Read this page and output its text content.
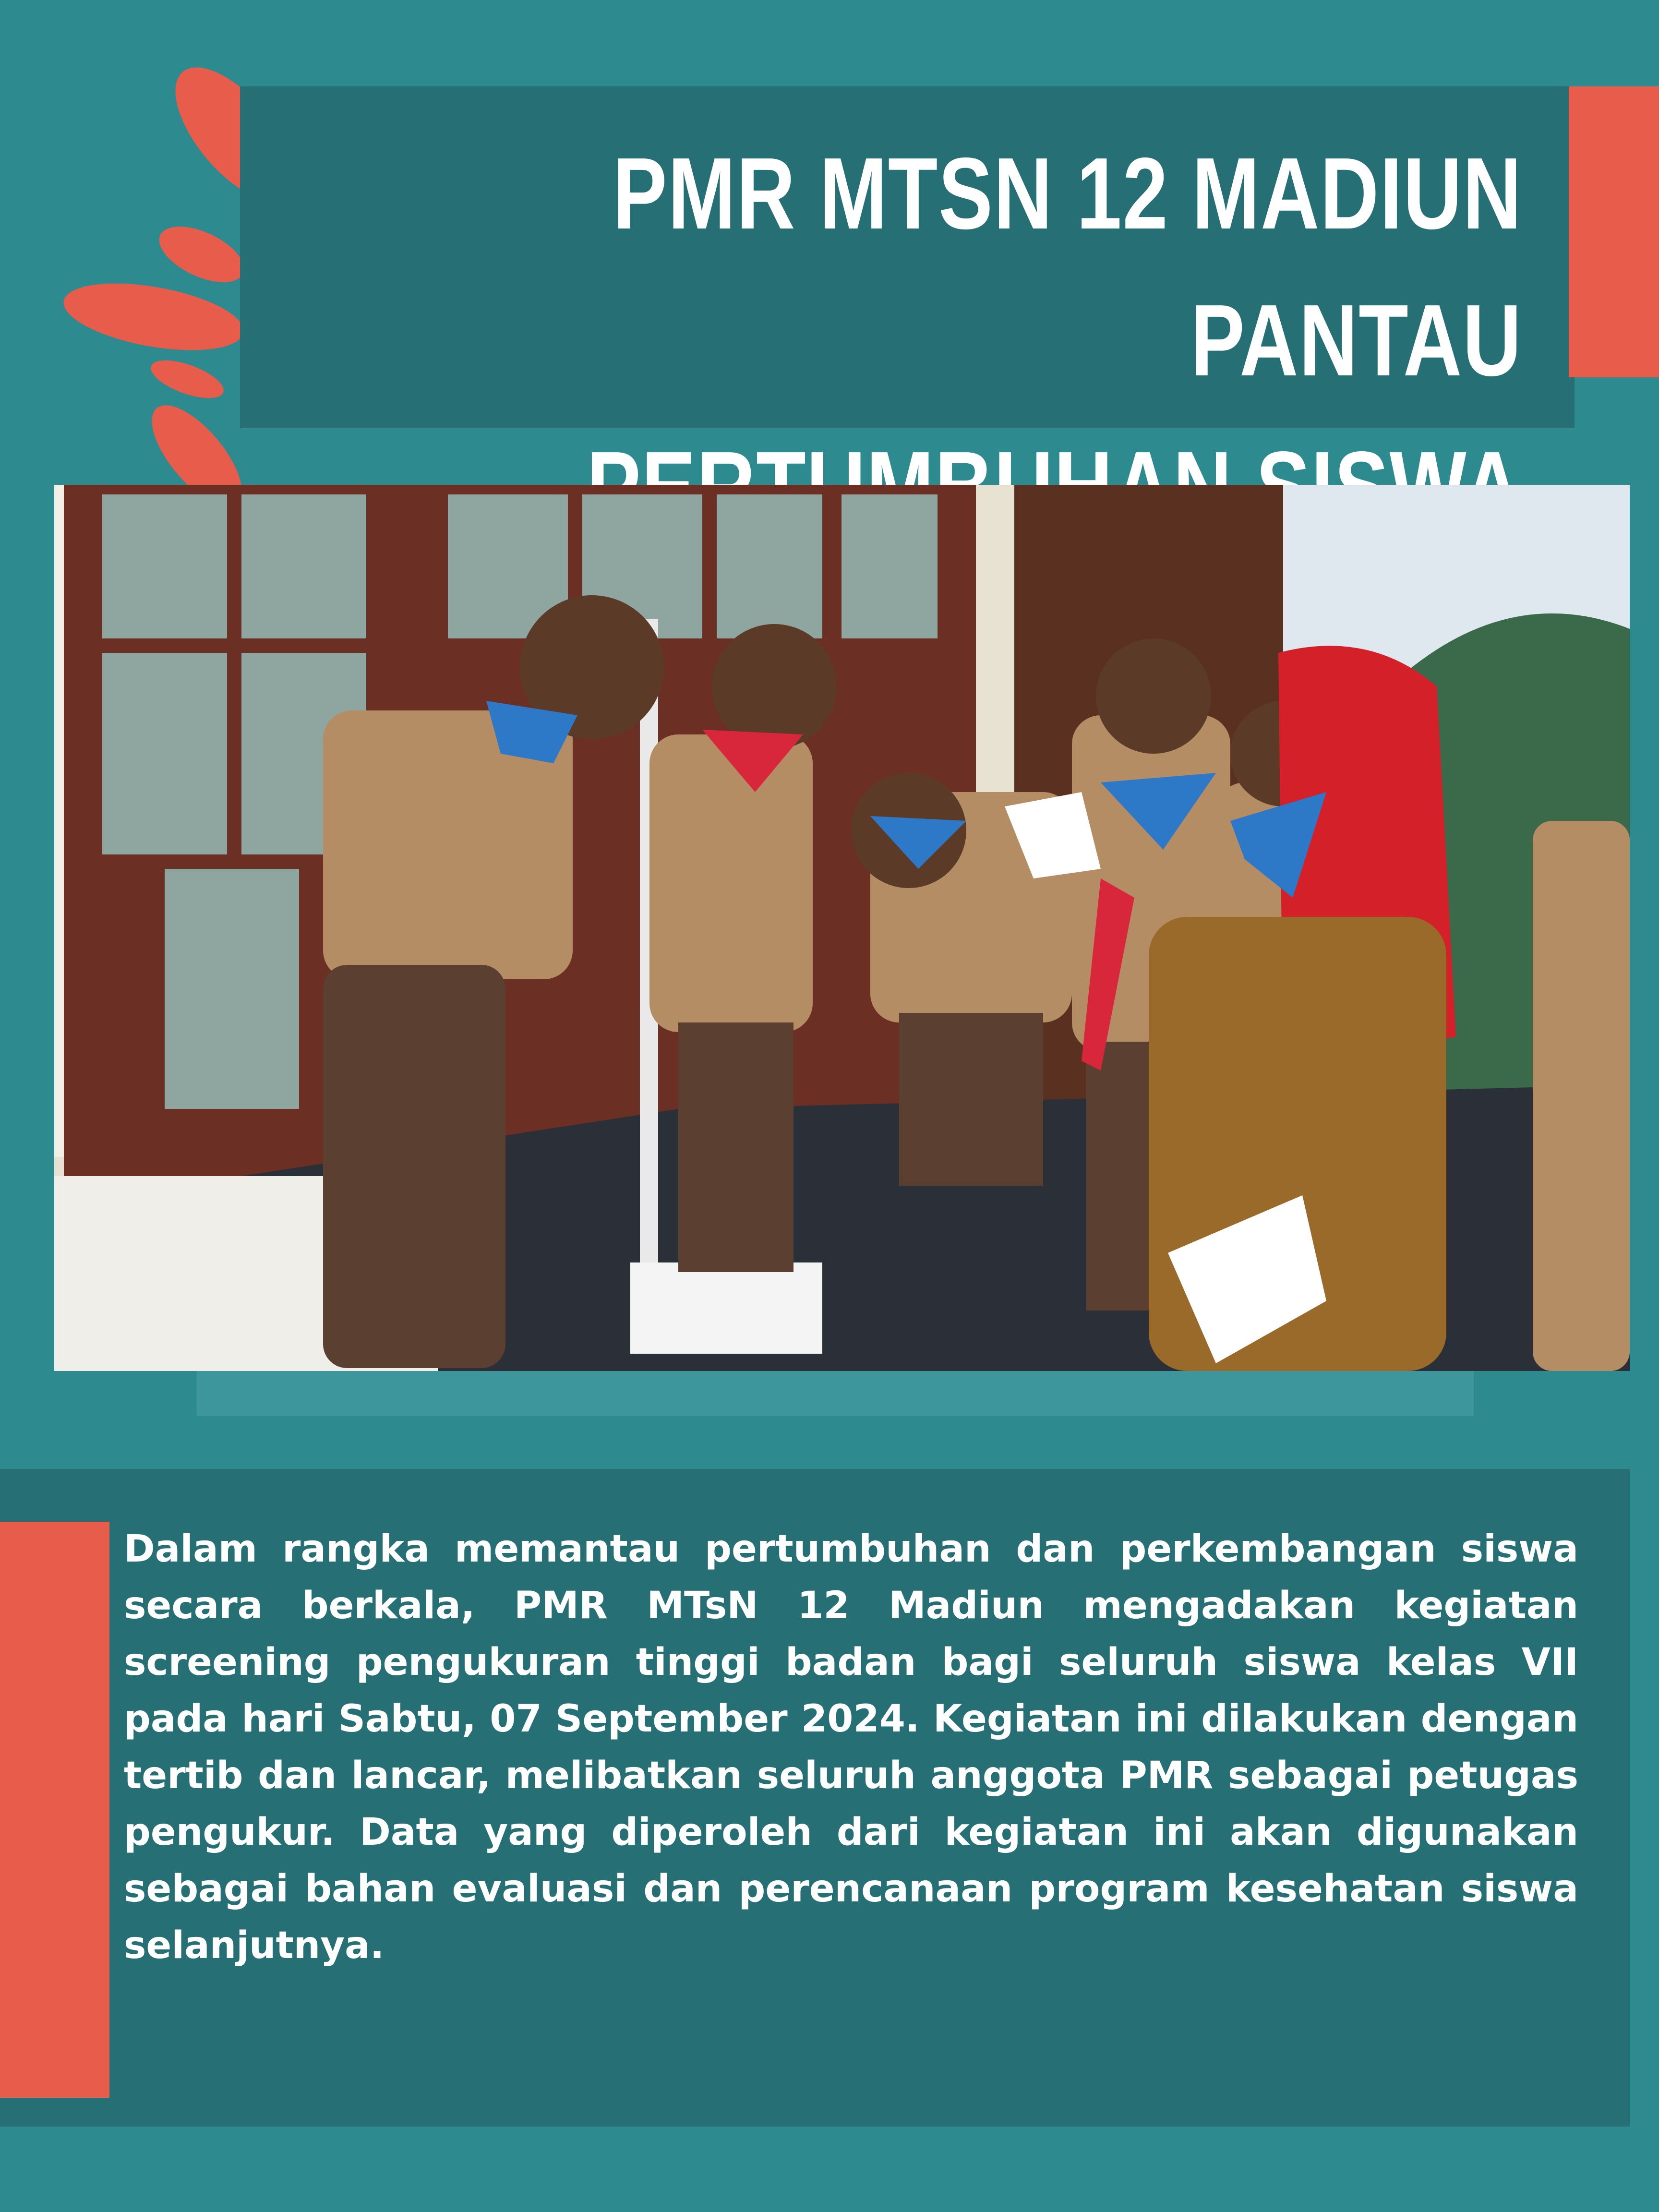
PMR MTSN 12 MADIUN PANTAU

Dalam rangka memantau pertumbuhan dan perkembangan siswa secara berkala, PMR MTsN 12 Madiun mengadakan kegiatan screening pengukuran tinggi badan bagi seluruh siswa kelas VII pada hari Sabtu, 07 September 2024. Kegiatan ini dilakukan dengan tertib dan lancar, melibatkan seluruh anggota PMR sebagai petugas pengukur. Data yang diperoleh dari kegiatan ini akan digunakan sebagai bahan evaluasi dan perencanaan program kesehatan siswa selanjutnya.
